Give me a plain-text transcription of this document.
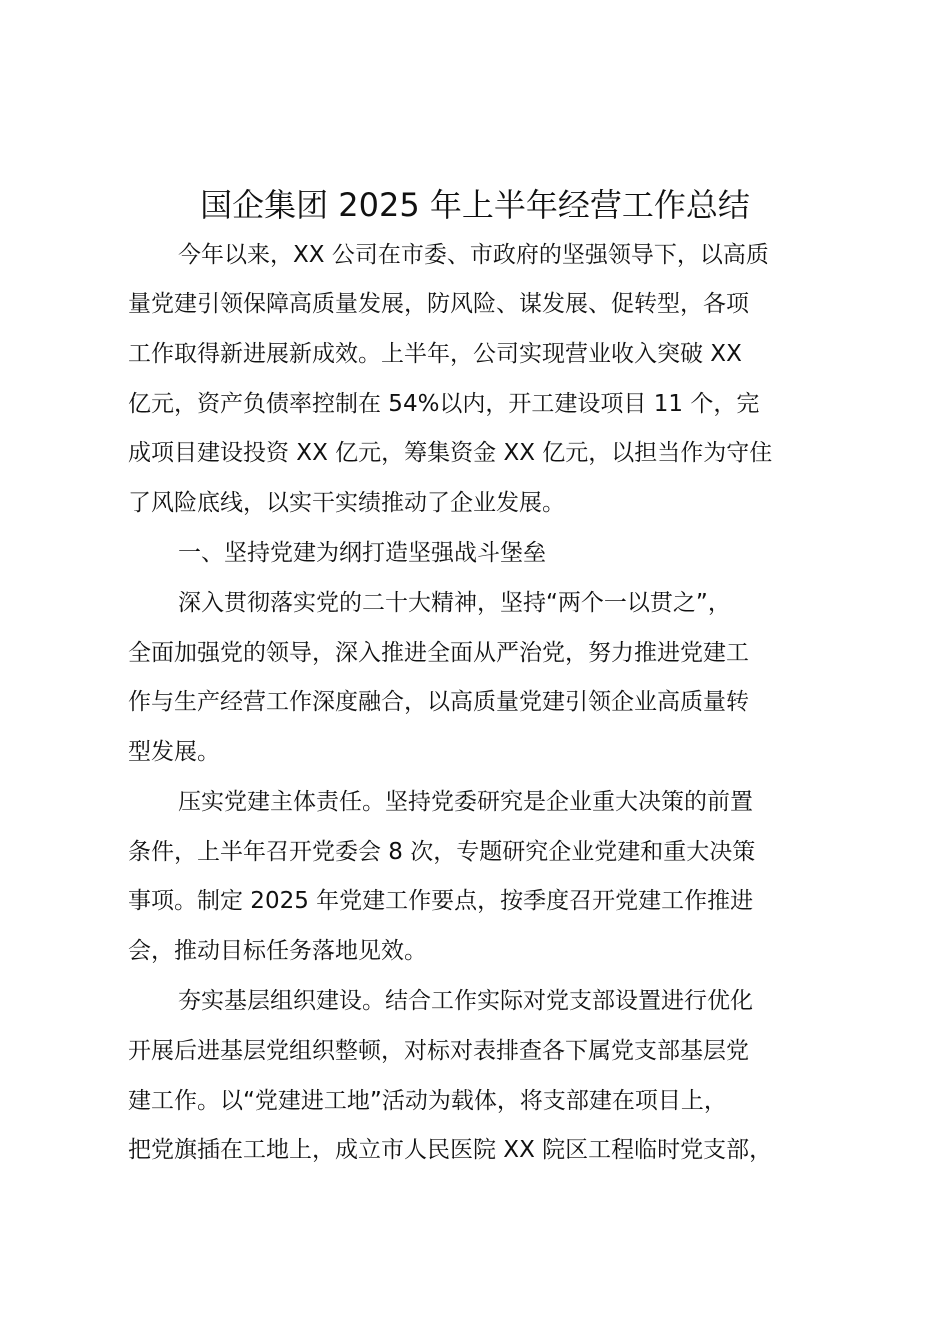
国企集团 2025 年上半年经营工作总结
今年以来，XX 公司在市委、市政府的坚强领导下，以高质
量党建引领保障高质量发展，防风险、谋发展、促转型，各项
工作取得新进展新成效。上半年，公司实现营业收入突破 XX
亿元，资产负债率控制在 54%以内，开工建设项目 11 个，完
成项目建设投资 XX 亿元，筹集资金 XX 亿元，以担当作为守住
了风险底线，以实干实绩推动了企业发展。
一、坚持党建为纲打造坚强战斗堡垒
深入贯彻落实党的二十大精神，坚持“两个一以贯之”，
全面加强党的领导，深入推进全面从严治党，努力推进党建工
作与生产经营工作深度融合，以高质量党建引领企业高质量转
型发展。
压实党建主体责任。坚持党委研究是企业重大决策的前置
条件，上半年召开党委会 8 次，专题研究企业党建和重大决策
事项。制定 2025 年党建工作要点，按季度召开党建工作推进
会，推动目标任务落地见效。
夯实基层组织建设。结合工作实际对党支部设置进行优化
开展后进基层党组织整顿，对标对表排查各下属党支部基层党
建工作。以“党建进工地”活动为载体，将支部建在项目上，
把党旗插在工地上，成立市人民医院 XX 院区工程临时党支部，
